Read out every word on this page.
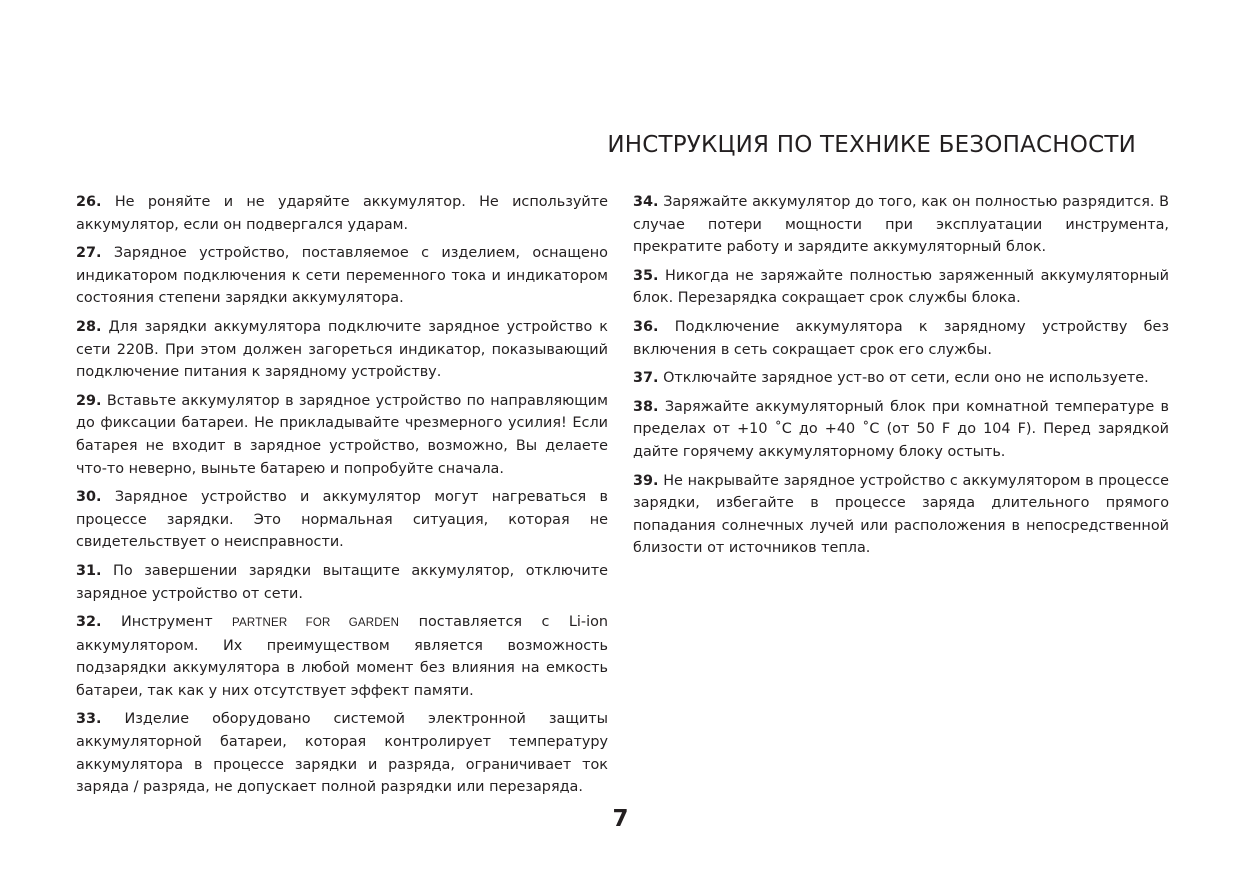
ИНСТРУКЦИЯ ПО ТЕХНИКЕ БЕЗОПАСНОСТИ

26. Не роняйте и не ударяйте аккумулятор. Не используйте аккумулятор, если он подвергался ударам.

27. Зарядное устройство, поставляемое с изделием, оснащено индикатором подключения к сети переменного тока и индикатором состояния степени зарядки аккумулятора.

28. Для зарядки аккумулятора подключите зарядное устройство к сети 220В. При этом должен загореться индикатор, показывающий подключение питания к зарядному устройству.

29. Вставьте аккумулятор в зарядное устройство по направляющим до фиксации батареи. Не прикладывайте чрезмерного усилия! Если батарея не входит в зарядное устройство, возможно, Вы делаете что-то неверно, выньте батарею и попробуйте сначала.

30. Зарядное устройство и аккумулятор могут нагреваться в процессе зарядки. Это нормальная ситуация, которая не свидетельствует о неисправности.

31. По завершении зарядки вытащите аккумулятор, отключите зарядное устройство от сети.

32. Инструмент PARTNER FOR GARDEN поставляется с Li-ion аккумулятором. Их преимуществом является возможность подзарядки аккумулятора в любой момент без влияния на емкость батареи, так как у них отсутствует эффект памяти.

33. Изделие оборудовано системой электронной защиты аккумуляторной батареи, которая контролирует температуру аккумулятора в процессе зарядки и разряда, ограничивает ток заряда / разряда, не допускает полной разрядки или перезаряда.

34. Заряжайте аккумулятор до того, как он полностью разрядится. В случае потери мощности при эксплуатации инструмента, прекратите работу и зарядите аккумуляторный блок.

35. Никогда не заряжайте полностью заряженный аккумуляторный блок. Перезарядка сокращает срок службы блока.

36. Подключение аккумулятора к зарядному устройству без включения в сеть сокращает срок его службы.

37. Отключайте зарядное уст-во от сети, если оно не используете.

38. Заряжайте аккумуляторный блок при комнатной температуре в пределах от +10 ˚С до +40 ˚С (от 50 F до 104 F). Перед зарядкой дайте горячему аккумуляторному блоку остыть.

39. Не накрывайте зарядное устройство с аккумулятором в процессе зарядки, избегайте в процессе заряда длительного прямого попадания солнечных лучей или расположения в непосредственной близости от источников тепла.

7
